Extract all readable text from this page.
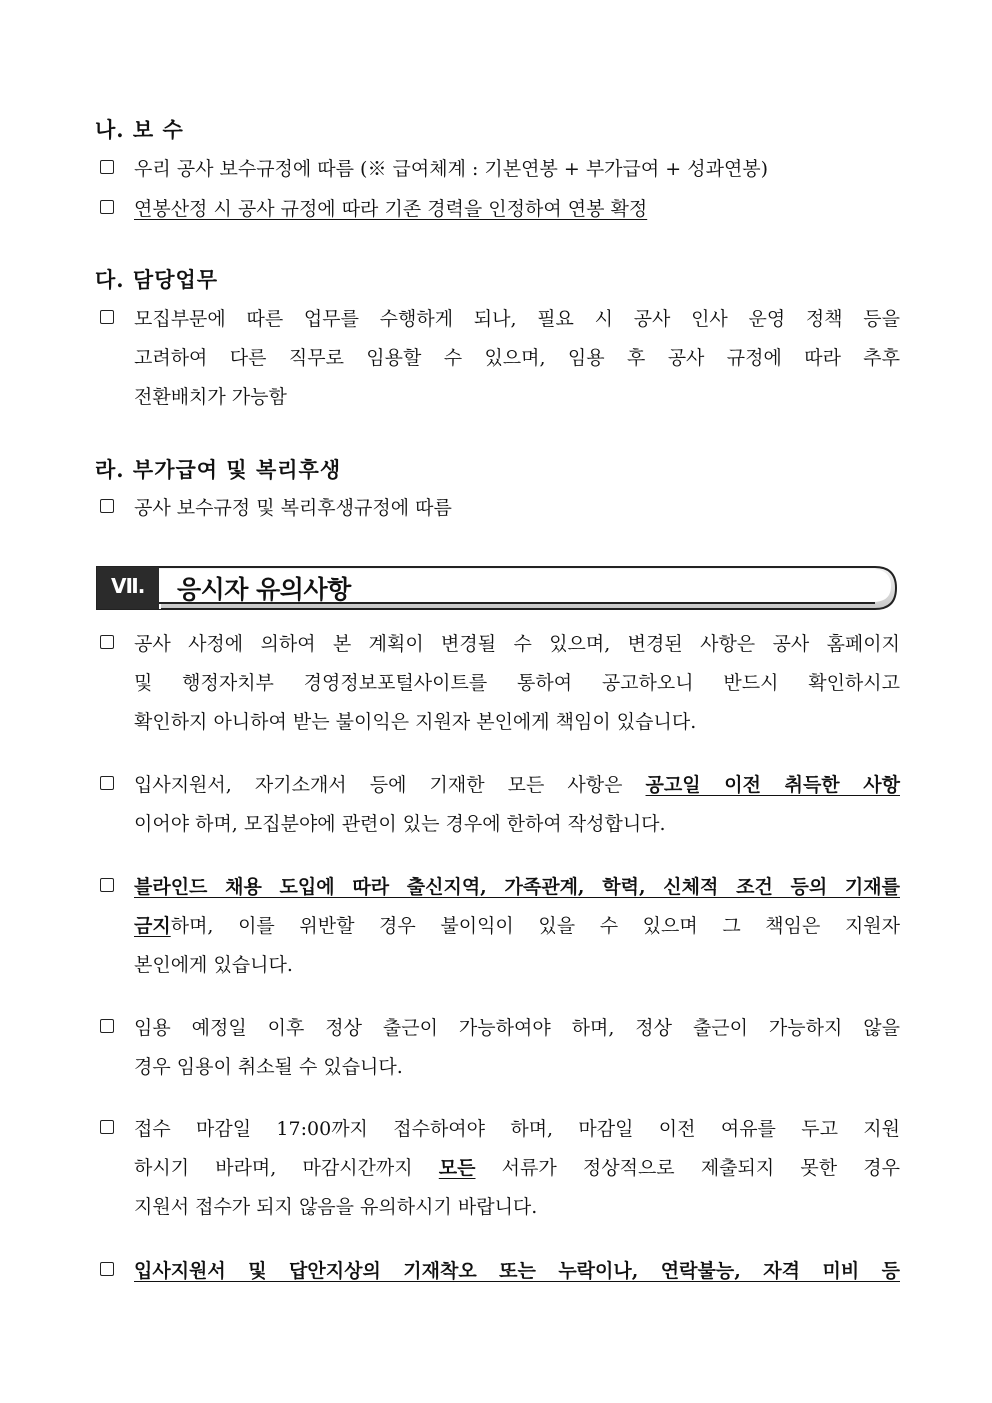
나. 보 수
우리 공사 보수규정에 따름 (※ 급여체계 : 기본연봉 + 부가급여 + 성과연봉)
연봉산정 시 공사 규정에 따라 기존 경력을 인정하여 연봉 확정
다. 담당업무
모집부문에 따른 업무를 수행하게 되나, 필요 시 공사 인사 운영 정책 등을
고려하여 다른 직무로 임용할 수 있으며, 임용 후 공사 규정에 따라 추후
전환배치가 가능함
라. 부가급여 및 복리후생
공사 보수규정 및 복리후생규정에 따름
Ⅶ. 응시자 유의사항
공사 사정에 의하여 본 계획이 변경될 수 있으며, 변경된 사항은 공사 홈페이지
및 행정자치부 경영정보포털사이트를 통하여 공고하오니 반드시 확인하시고
확인하지 아니하여 받는 불이익은 지원자 본인에게 책임이 있습니다.
입사지원서, 자기소개서 등에 기재한 모든 사항은 공고일 이전 취득한 사항
이어야 하며, 모집분야에 관련이 있는 경우에 한하여 작성합니다.
블라인드 채용 도입에 따라 출신지역, 가족관계, 학력, 신체적 조건 등의 기재를
금지하며, 이를 위반할 경우 불이익이 있을 수 있으며 그 책임은 지원자
본인에게 있습니다.
임용 예정일 이후 정상 출근이 가능하여야 하며, 정상 출근이 가능하지 않을
경우 임용이 취소될 수 있습니다.
접수 마감일 17:00까지 접수하여야 하며, 마감일 이전 여유를 두고 지원
하시기 바라며, 마감시간까지 모든 서류가 정상적으로 제출되지 못한 경우
지원서 접수가 되지 않음을 유의하시기 바랍니다.
입사지원서 및 답안지상의 기재착오 또는 누락이나, 연락불능, 자격 미비 등
